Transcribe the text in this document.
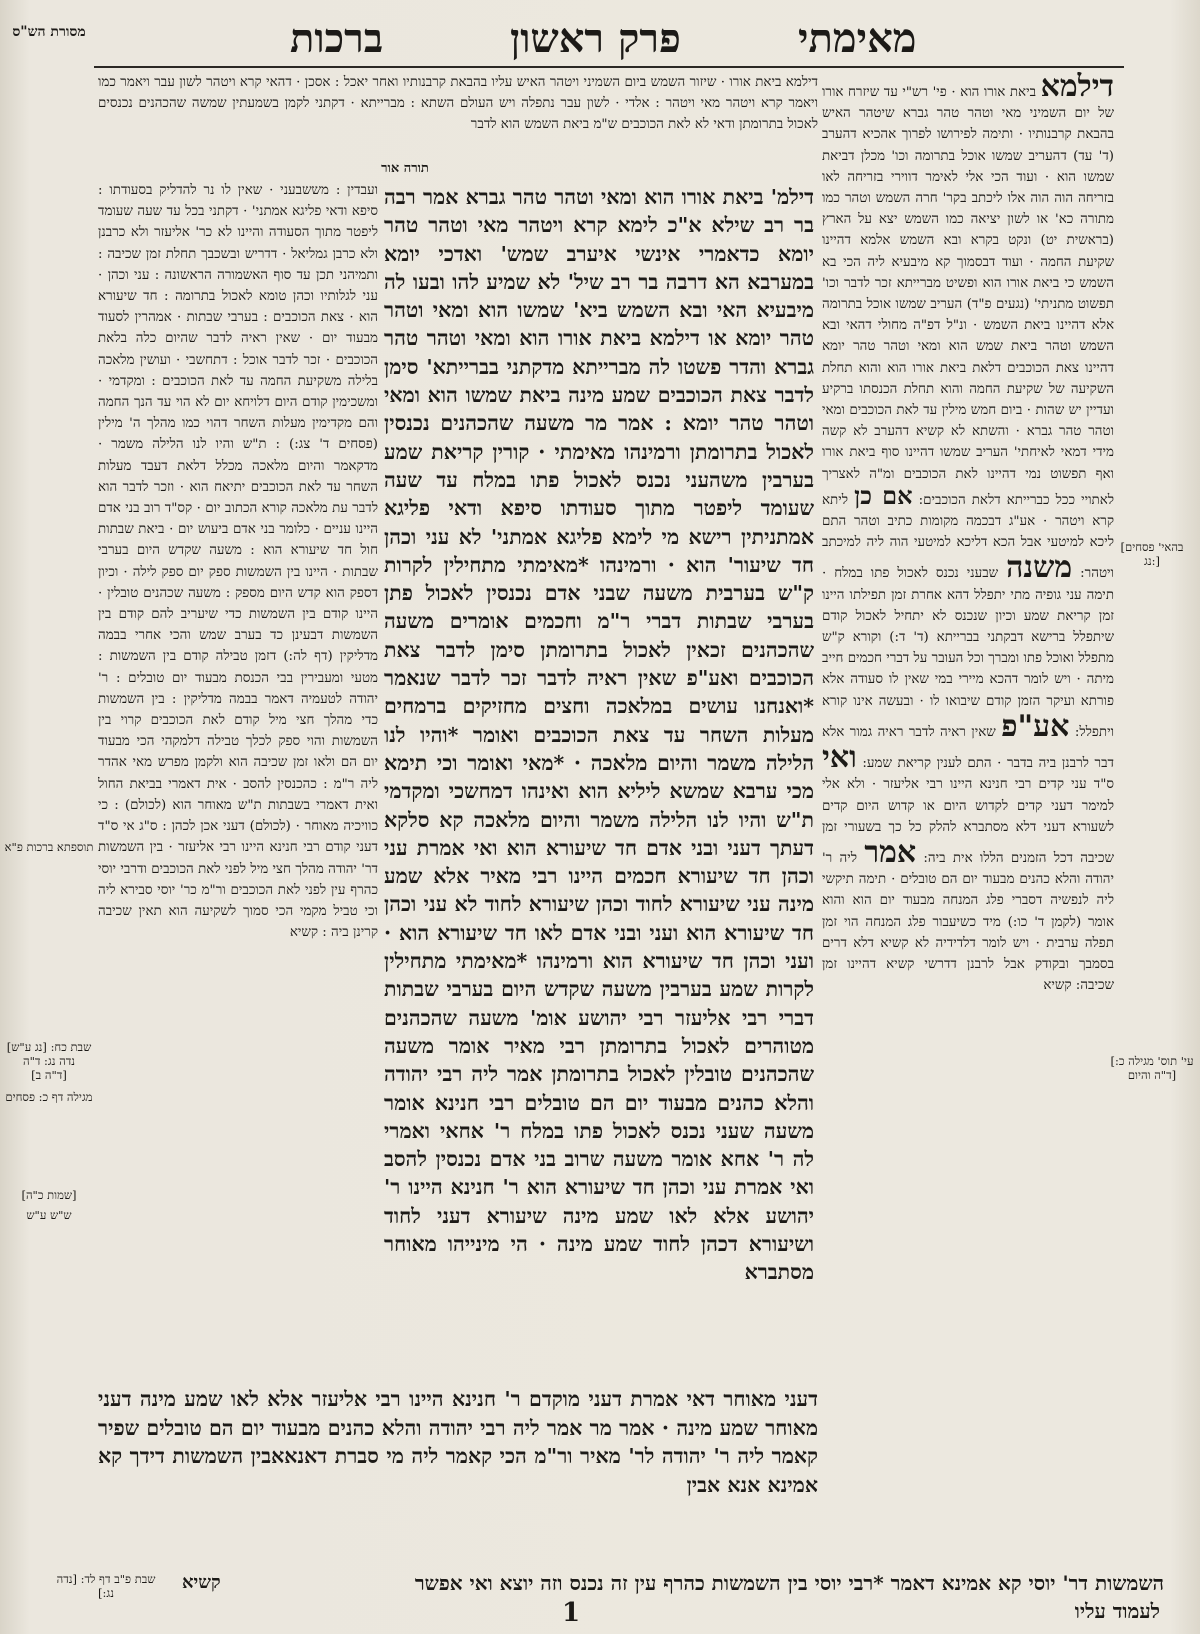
מסורת הש"ס	ברכות	פרק ראשון	מאימתי
דילמא ביאת אורו הוא · פי' רש"י עד שיזרח אורו של יום השמיני מאי וטהר טהר גברא שיטהר האיש בהבאת קרבנותיו · ותימה לפירושו לפרוך אהכיא דהערב (ד' עד) דהעריב שמשו אוכל בתרומה וכו' מכלן דביאת שמשו הוא · ועוד הכי אלי לאימר דווירי בזריחה לאו בזריחה הוה הוה אלו ליכתב בקר' חרה השמש וטהר כמו מתורה כא' או לשון יציאה כמו השמש יצא על הארץ (בראשית יט) ונקט בקרא ובא השמש אלמא דהיינו שקיעת החמה · ועוד דבסמוך קא מיבעיא ליה הכי בא השמש כי ביאת אורו הוא ופשיט מברייתא זכר לדבר וכו' תפשוט מתניתי' (נגעים פ"ד) העריב שמשו אוכל בתרומה אלא דהיינו ביאת השמש · ונ"ל דפ"ה מחולי דהאי ובא השמש וטהר ביאת שמש הוא ומאי וטהר טהר יומא דהיינו צאת הכוכבים דלאת ביאת אורו הוא והוא תחלת השקיעה של שקיעת החמה והוא תחלת הכנסתו ברקיע ועדיין יש שהות · ביום חמש מילין עד לאת הכוכבים ומאי וטהר טהר גברא · והשתא לא קשיא דהערב לא קשה מידי דמאי לאיחתי' העריב שמשו דהיינו סוף ביאת אורו ואף תפשוט נמי דהיינו לאת הכוכבים ומ"ה לאצריך לאתויי ככל כברייתא דלאת הכוכבים: אם כן ליתא קרא ויטהר · אע"ג דבכמה מקומות כתיב וטהר התם ליכא למיטעי אבל הכא דליכא למיטעי הוה ליה למיכתב ויטהר: משנה שבעני נכנס לאכול פתו במלח · תימה עני גופיה מתי יתפלל דהא אחרת זמן תפילתו היינו זמן קריאת שמע וכיון שנכנס לא יתחיל לאכול קודם שיתפלל ברישא דבקתני בברייתא (ד' ד:) וקורא ק"ש מתפלל ואוכל פתו ומברך וכל העובר על דברי חכמים חייב מיתה · ויש לומר דהכא מיירי במי שאין לו סעודה אלא פורתא ועיקר הזמן קודם שיבואו לו · ובעשה אינו קורא ויתפלל: אע"פ שאין ראיה לדבר ראיה גמור אלא דבר לרבנן ביה בדבר · התם לענין קריאת שמע: ואי ס"ד עני קדים רבי חנינא היינו רבי אליעזר · ולא אלי למימר דעני קדים לקדוש היום או קדוש היום קדים לשעורא דעני דלא מסתברא להלק כל כך בשעורי זמן שכיבה דכל הזמנים הללו אית ביה: אמר ליה ר' יהודה והלא כהנים מבעוד יום הם טובלים · תימה תיקשי ליה לנפשיה דסברי פלג המנחה מבעוד יום הוא והוא אומר (לקמן ד' כו:) מיד כשיעבור פלג המנחה הוי זמן תפלה ערבית · ויש לומר דלדידיה לא קשיא דלא דרים בסמבך ובקודק אבל לרבנן דדרשי קשיא דהיינו זמן שכיבה: קשיא
דילמא ביאת אורו · שיזור השמש ביום השמיני ויטהר האיש עליו בהבאת קרבנותיו ואחר יאכל : אסכן · דהאי קרא ויטהר לשון עבר ויאמר כמו ויאמר קרא ויטהר מאי ויטהר : אלדי · לשון עבר נתפלה ויש העולם השתא : מברייתא · דקתני לקמן בשמעתין שמשה שהכהנים נכנסים לאכול בתרומתן ודאי לא לאת הכוכבים ש"מ ביאת השמש הוא לדבר
תורה אור
ועבדין : מששבעני · שאין לו נר להדליק בסעודתו : סיפא ודאי פליגא אמתני' · דקתני בכל עד שעה שעומד ליפטר מתוך הסעודה והיינו לא כר' אליעזר ולא כרבנן ולא כרבן גמליאל · דדריש ובשכבך תחלת זמן שכיבה : ותמיהני תכן עד סוף האשמורה הראשונה : עני וכהן · עני לגלותיו וכהן טומא לאכול בתרומה : חד שיעורא הוא · צאת הכוכבים : בערבי שבתות · אמהרין לסעוד מבעוד יום · שאין ראיה לדבר שהיום כלה בלאת הכוכבים · זכר לדבר אוכל : דתחשבי · ועושין מלאכה בלילה משקיעת החמה עד לאת הכוכבים : ומקדמי · ומשכימין קודם היום דלויחא יום לא הוי עד הנך החמה והם מקדימין מעלות השחר דהוי כמו מהלך ה' מילין (פסחים ד' צג:) : ת"ש והיו לנו הלילה משמר · מדקאמר והיום מלאכה מכלל דלאת דעבד מעלות השחר עד לאת הכוכבים יתיאח הוא · וזכר לדבר הוא לדבר עת מלאכה קורא הכתוב יום · קס"ד רוב בני אדם היינו עניים · כלומר בני אדם ביעוש יום · ביאת שבתות חול חד שיעורא הוא : משעה שקדש היום בערבי שבתות · היינו בין השמשות ספק יום ספק לילה · וכיון דספק הוא קדש היום מספק : משעה שכהנים טובלין · היינו קודם בין השמשות כדי שיעריב להם קודם בין השמשות דבעינן כד בערב שמש והכי אחרי בבמה מדליקין (דף לה:) דזמן טבילה קודם בין השמשות : מטעי ומעבירין בבי הכנסת מבעוד יום טובלים : ר' יהודה לטעמיה דאמר בבמה מדליקין : בין השמשות כדי מהלך חצי מיל קודם לאת הכוכבים קרוי בין השמשות והוי ספק לכלך טבילה דלמקהי הכי מבעוד יום הם ולאו זמן שכיבה הוא ולקמן מפרש מאי אהדר ליה ר"מ : כהכנסין להסב · אית דאמרי בביאת החול ואית דאמרי בשבתות ת"ש מאוחר הוא (לכולם) : כי כוויכיה מאוחר · (לכולם) דעני אכן לכהן : ס"ג אי ס"ד דעני קודם רבי חנינא היינו רבי אליעזר · בין השמשות דר' יהודה מהלך חצי מיל לפני לאת הכוכבים ודרבי יוסי כהרף עין לפני לאת הכוכבים ור"מ כר' יוסי סבירא ליה וכי טביל מקמי הכי סמוך לשקיעה הוא תאין שכיבה קרינן ביה : קשיא
דילמ' ביאת אורו הוא ומאי וטהר טהר גברא אמר רבה בר רב שילא א"כ לימא קרא ויטהר מאי וטהר טהר יומא כדאמרי אינשי איערב שמש' ואדכי יומא במערבא הא דרבה בר רב שיל' לא שמיע להו ובעו לה מיבעיא האי ובא השמש ביא' שמשו הוא ומאי וטהר טהר יומא או דילמא ביאת אורו הוא ומאי וטהר טהר גברא והדר פשטו לה מברייתא מדקתני בברייתא' סימן לדבר צאת הכוכבים שמע מינה ביאת שמשו הוא ומאי וטהר טהר יומא : אמר מר משעה שהכהנים נכנסין לאכול בתרומתן ורמינהו מאימתי · קורין קריאת שמע בערבין משהעני נכנס לאכול פתו במלח עד שעה שעומד ליפטר מתוך סעודתו סיפא ודאי פליגא אמתניתין רישא מי לימא פליגא אמתני' לא עני וכהן חד שיעור' הוא · ורמינהו *מאימתי מתחילין לקרות ק"ש בערבית משעה שבני אדם נכנסין לאכול פתן בערבי שבתות דברי ר"מ וחכמים אומרים משעה שהכהנים זכאין לאכול בתרומתן סימן לדבר צאת הכוכבים ואע"פ שאין ראיה לדבר זכר לדבר שנאמר *ואנחנו עושים במלאכה וחצים מחזיקים ברמחים מעלות השחר עד צאת הכוכבים ואומר *והיו לנו הלילה משמר והיום מלאכה · *מאי ואומר וכי תימא מכי ערבא שמשא ליליא הוא ואינהו דמחשכי ומקדמי ת"ש והיו לנו הלילה משמר והיום מלאכה קא סלקא דעתך דעני ובני אדם חד שיעורא הוא ואי אמרת עני וכהן חד שיעורא חכמים היינו רבי מאיר אלא שמע מינה עני שיעורא לחוד וכהן שיעורא לחוד לא עני וכהן חד שיעורא הוא ועני ובני אדם לאו חד שיעורא הוא · ועני וכהן חד שיעורא הוא ורמינהו *מאימתי מתחילין לקרות שמע בערבין משעה שקדש היום בערבי שבתות דברי רבי אליעזר רבי יהושע אומ' משעה שהכהנים מטוהרים לאכול בתרומתן רבי מאיר אומר משעה שהכהנים טובלין לאכול בתרומתן אמר ליה רבי יהודה והלא כהנים מבעוד יום הם טובלים רבי חנינא אומר משעה שעני נכנס לאכול פתו במלח ר' אחאי ואמרי לה ר' אחא אומר משעה שרוב בני אדם נכנסין להסב ואי אמרת עני וכהן חד שיעורא הוא ר' חנינא היינו ר' יהושע אלא לאו שמע מינה שיעורא דעני לחוד ושיעורא דכהן לחוד שמע מינה · הי מינייהו מאוחר מסתברא
דעני מאוחר דאי אמרת דעני מוקדם ר' חנינא היינו רבי אליעזר אלא לאו שמע מינה דעני מאוחר שמע מינה · אמר מר אמר ליה רבי יהודה והלא כהנים מבעוד יום הם טובלים שפיר קאמר ליה ר' יהודה לר' מאיר ור"מ הכי קאמר ליה מי סברת דאנאאבין השמשות דידך קא אמינא אנא אבין
[בהאי' פסחים נג:]
תוספתא ברכות פ"א
[ד"ה ב]
מגילה דף כ: פסחים
[נג ע"ש] שבת כח: נדה נג: ד"ה
[שמות כ"ה]
ש"ש ע"ש
[עי' תוס' מגילה כ: ד"ה והיום]
שבת פ"ב דף לד: [נדה נג:]	השמשות דר' יוסי קא אמינא דאמר *רבי יוסי בין השמשות כהרף עין זה נכנס וזה יוצא ואי אפשר
לעמוד עליו
קשיא
1
